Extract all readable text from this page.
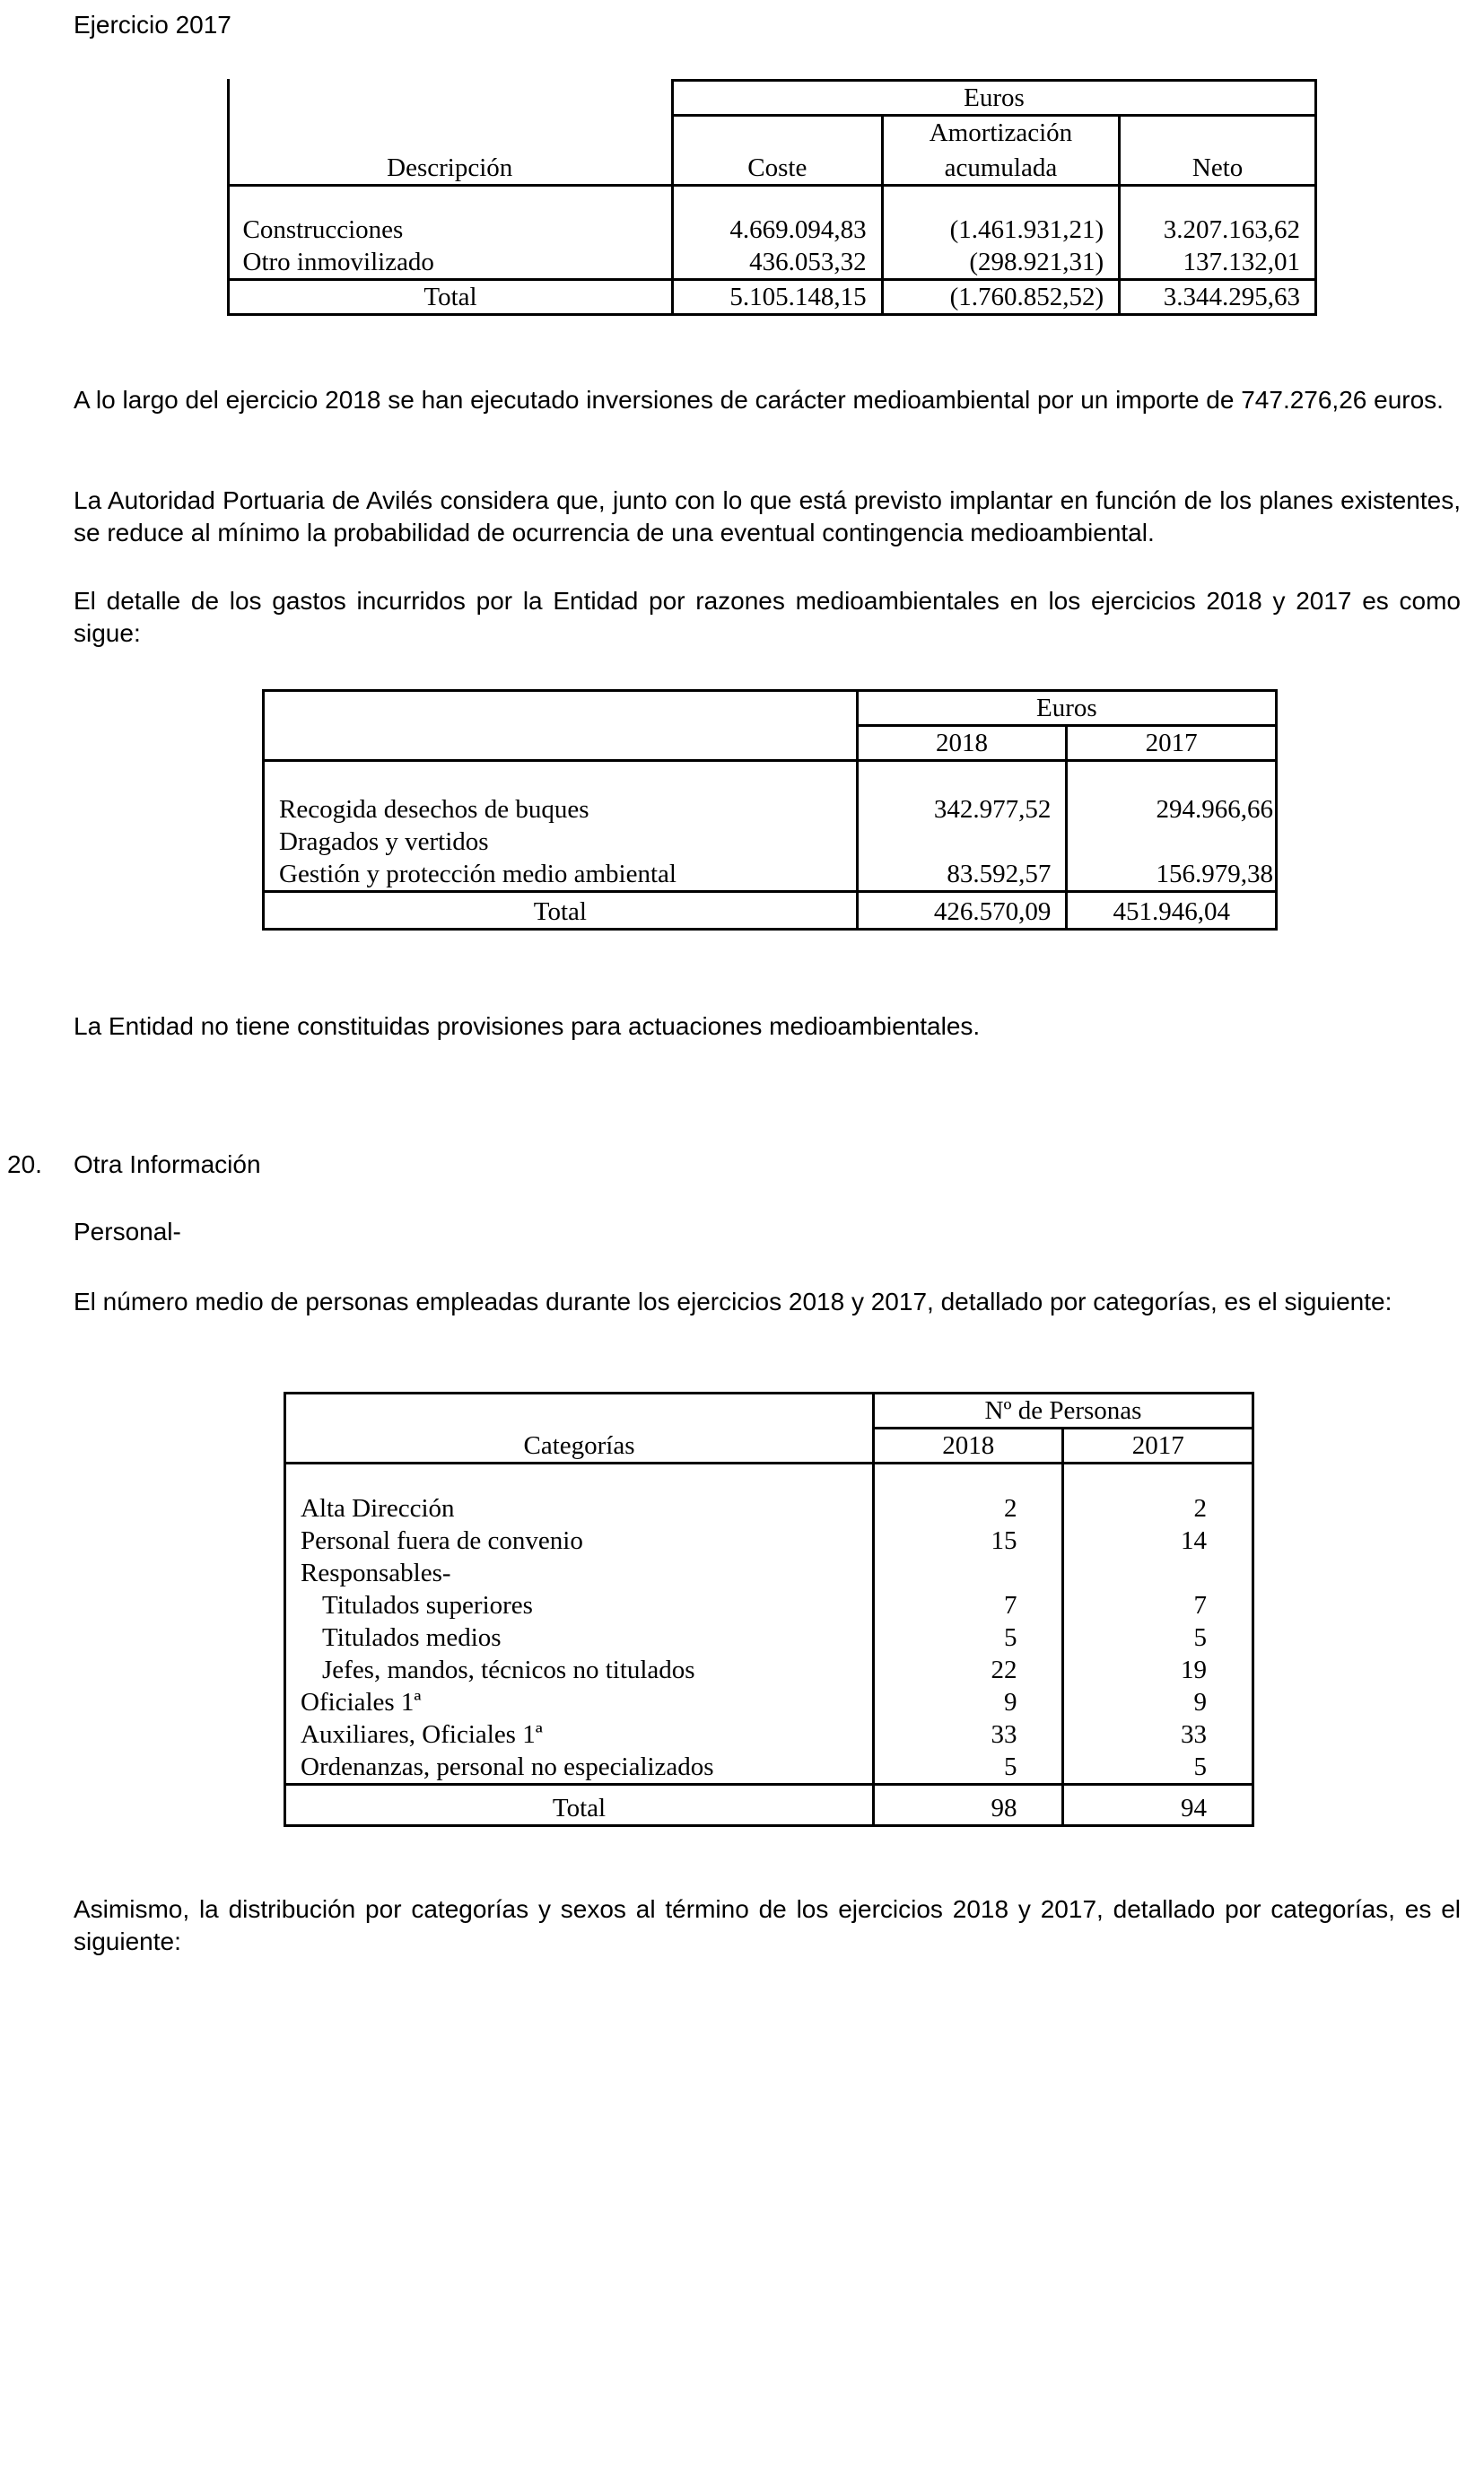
Ejercicio 2017
	Euros		
		Amortización	
Descripción	Coste	acumulada	Neto

Construcciones	4.669.094,83	(1.461.931,21)	3.207.163,62
Otro inmovilizado	436.053,32	(298.921,31)	137.132,01
Total	5.105.148,15	(1.760.852,52)	3.344.295,63
A lo largo del ejercicio 2018 se han ejecutado inversiones de carácter medioambiental por un importe de 747.276,26 euros.
La Autoridad Portuaria de Avilés considera que, junto con lo que está previsto implantar en función de los planes existentes, se reduce al mínimo la probabilidad de ocurrencia de una eventual contingencia medioambiental.
El detalle de los gastos incurridos por la Entidad por razones medioambientales en los ejercicios 2018 y 2017 es como sigue:
	Euros	
	2018	2017

Recogida desechos de buques	342.977,52	294.966,66
Dragados y vertidos		
Gestión y protección medio ambiental	83.592,57	156.979,38
Total	426.570,09	451.946,04
La Entidad no tiene constituidas provisiones para actuaciones medioambientales.
20. Otra Información
Personal-
El número medio de personas empleadas durante los ejercicios 2018 y 2017, detallado por categorías, es el siguiente:
	Nº de Personas	
Categorías	2018	2017

Alta Dirección	2	2
Personal fuera de convenio	15	14
Responsables-		
Titulados superiores	7	7
Titulados medios	5	5
Jefes, mandos, técnicos no titulados	22	19
Oficiales 1ª	9	9
Auxiliares, Oficiales 1ª	33	33
Ordenanzas, personal no especializados	5	5
Total	98	94
Asimismo, la distribución por categorías y sexos al término de los ejercicios 2018 y 2017, detallado por categorías, es el siguiente:
